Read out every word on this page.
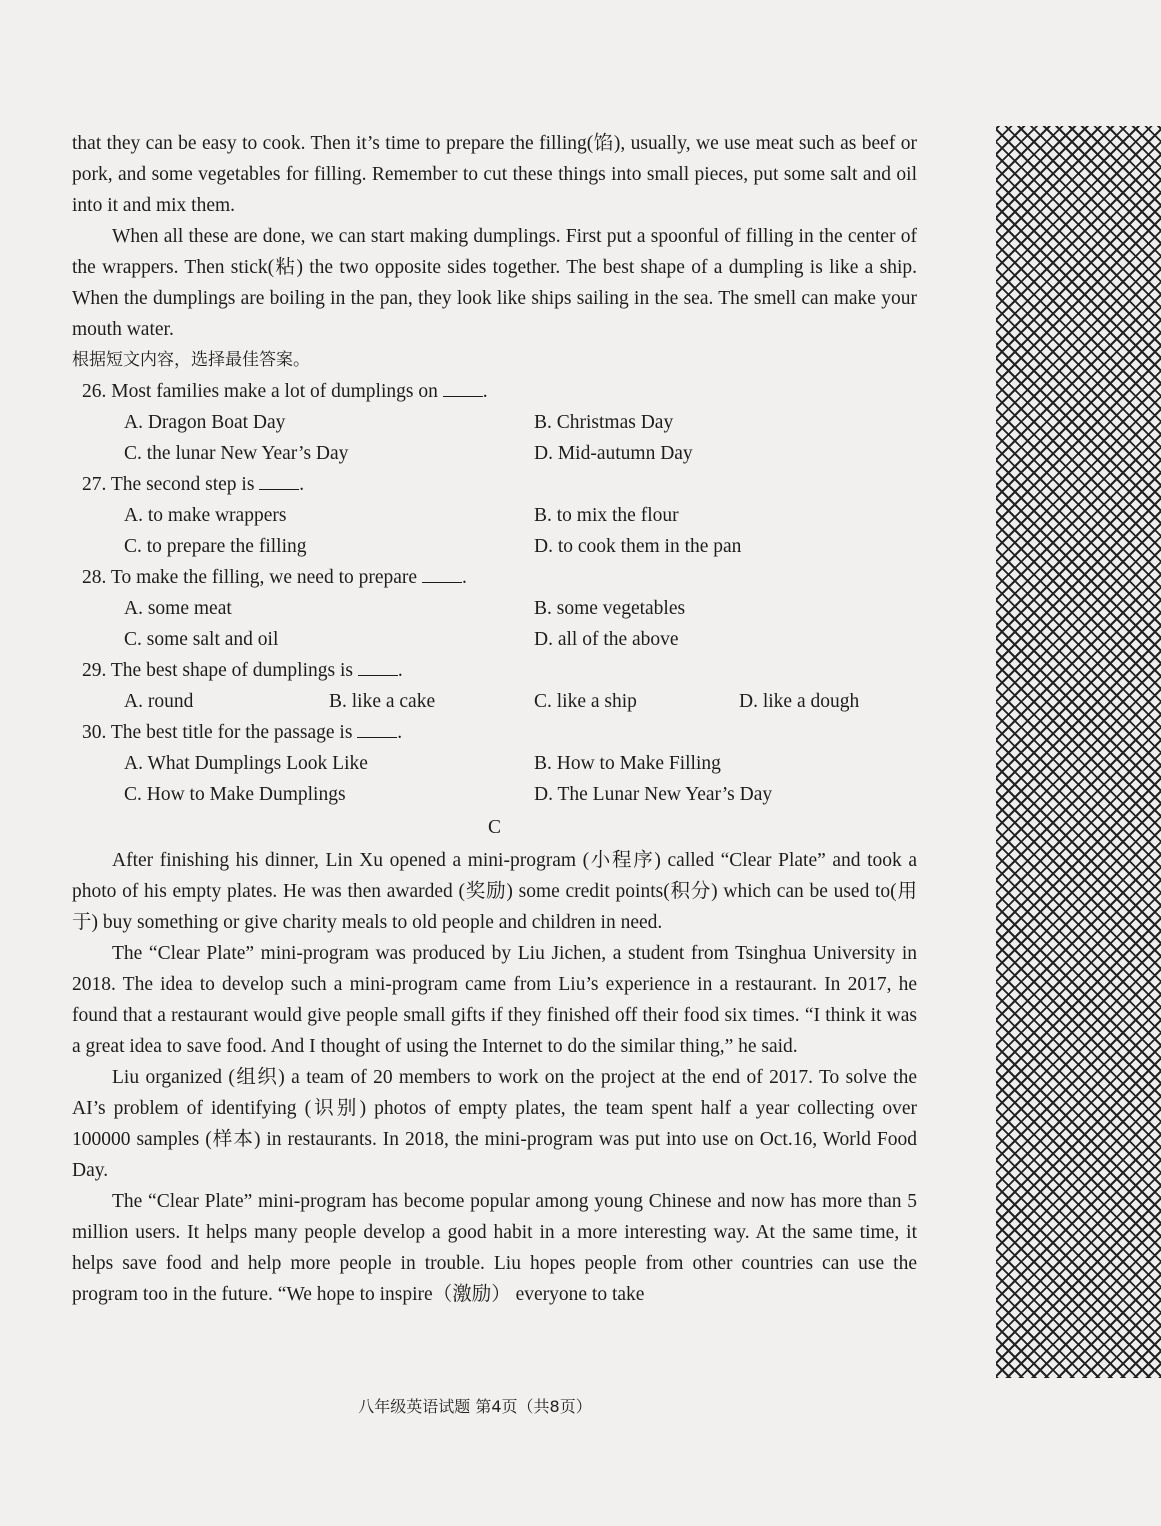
that they can be easy to cook. Then it’s time to prepare the filling(馅), usually, we use meat such as beef or pork, and some vegetables for filling. Remember to cut these things into small pieces, put some salt and oil into it and mix them.

When all these are done, we can start making dumplings. First put a spoonful of filling in the center of the wrappers. Then stick(粘) the two opposite sides together. The best shape of a dumpling is like a ship. When the dumplings are boiling in the pan, they look like ships sailing in the sea. The smell can make your mouth water.

根据短文内容，选择最佳答案。

26. Most families make a lot of dumplings on .

A. Dragon Boat Day	B. Christmas Day

C. the lunar New Year’s Day	D. Mid-autumn Day

27. The second step is .

A. to make wrappers	B. to mix the flour

C. to prepare the filling	D. to cook them in the pan

28. To make the filling, we need to prepare .

A. some meat	B. some vegetables

C. some salt and oil	D. all of the above

29. The best shape of dumplings is .

A. round	B. like a cake	C. like a ship	D. like a dough

30. The best title for the passage is .

A. What Dumplings Look Like	B. How to Make Filling

C. How to Make Dumplings	D. The Lunar New Year’s Day

C

After finishing his dinner, Lin Xu opened a mini-program (小程序) called “Clear Plate” and took a photo of his empty plates. He was then awarded (奖励) some credit points(积分) which can be used to(用于) buy something or give charity meals to old people and children in need.

The “Clear Plate” mini-program was produced by Liu Jichen, a student from Tsinghua University in 2018. The idea to develop such a mini-program came from Liu’s experience in a restaurant. In 2017, he found that a restaurant would give people small gifts if they finished off their food six times. “I think it was a great idea to save food. And I thought of using the Internet to do the similar thing,” he said.

Liu organized (组织) a team of 20 members to work on the project at the end of 2017. To solve the AI’s problem of identifying (识别) photos of empty plates, the team spent half a year collecting over 100000 samples (样本) in restaurants. In 2018, the mini-program was put into use on Oct.16, World Food Day.

The “Clear Plate” mini-program has become popular among young Chinese and now has more than 5 million users. It helps many people develop a good habit in a more interesting way. At the same time, it helps save food and help more people in trouble. Liu hopes people from other countries can use the program too in the future. “We hope to inspire（激励） everyone to take

八年级英语试题 第4页（共8页）
